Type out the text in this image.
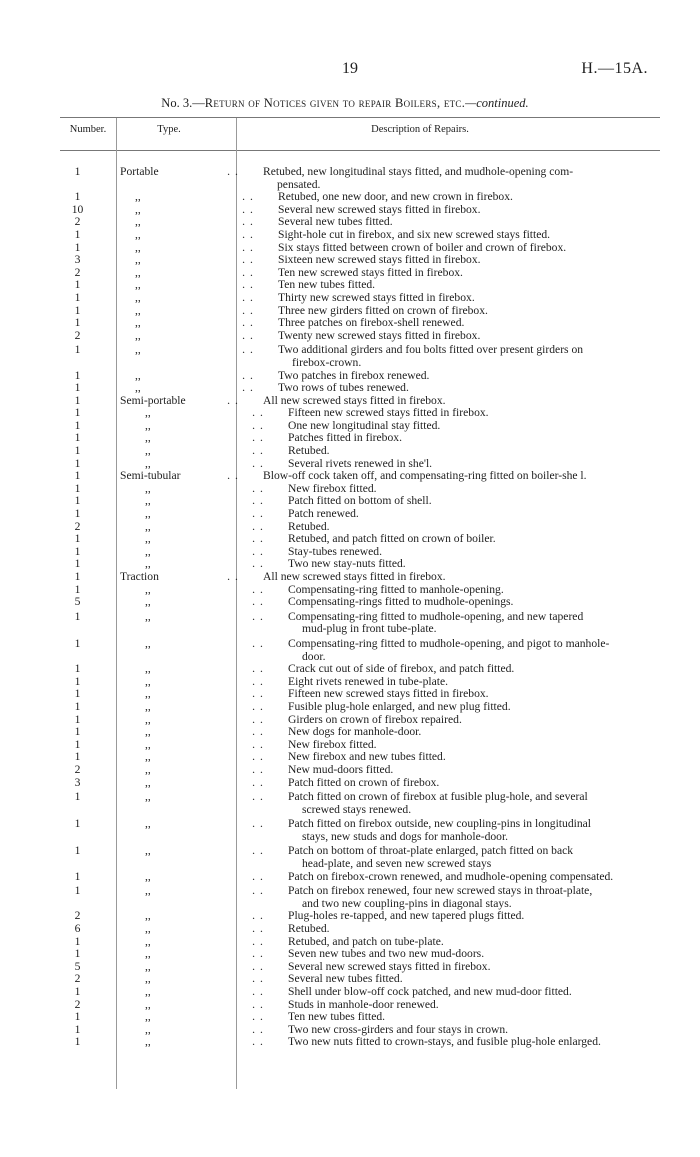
19	H.—15A.
No. 3.—Return of Notices given to repair Boilers, etc.—continued.
Number.	Type.	Description of Repairs.
1	Portable	. .	Retubed, new longitudinal stays fitted, and mudhole-opening com-
pensated.
1	,,	. .	Retubed, one new door, and new crown in firebox.
10	,,	. .	Several new screwed stays fitted in firebox.
2	,,	. .	Several new tubes fitted.
1	,,	. .	Sight-hole cut in firebox, and six new screwed stays fitted.
1	,,	. .	Six stays fitted between crown of boiler and crown of firebox.
3	,,	. .	Sixteen new screwed stays fitted in firebox.
2	,,	. .	Ten new screwed stays fitted in firebox.
1	,,	. .	Ten new tubes fitted.
1	,,	. .	Thirty new screwed stays fitted in firebox.
1	,,	. .	Three new girders fitted on crown of firebox.
1	,,	. .	Three patches on firebox-shell renewed.
2	,,	. .	Twenty new screwed stays fitted in firebox.
1	,,	. .	Two additional girders and fou bolts fitted over present girders on
firebox-crown.
1	,,	. .	Two patches in firebox renewed.
1	,,	. .	Two rows of tubes renewed.
1	Semi-portable	. .	All new screwed stays fitted in firebox.
1	,,	. .	Fifteen new screwed stays fitted in firebox.
1	,,	. .	One new longitudinal stay fitted.
1	,,	. .	Patches fitted in firebox.
1	,,	. .	Retubed.
1	,,	. .	Several rivets renewed in she'l.
1	Semi-tubular	. .	Blow-off cock taken off, and compensating-ring fitted on boiler-she l.
1	,,	. .	New firebox fitted.
1	,,	. .	Patch fitted on bottom of shell.
1	,,	. .	Patch renewed.
2	,,	. .	Retubed.
1	,,	. .	Retubed, and patch fitted on crown of boiler.
1	,,	. .	Stay-tubes renewed.
1	,,	. .	Two new stay-nuts fitted.
1	Traction	. .	All new screwed stays fitted in firebox.
1	,,	. .	Compensating-ring fitted to manhole-opening.
5	,,	. .	Compensating-rings fitted to mudhole-openings.
1	,,	. .	Compensating-ring fitted to mudhole-opening, and new tapered
mud-plug in front tube-plate.
1	,,	. .	Compensating-ring fitted to mudhole-opening, and pigot to manhole-
door.
1	,,	. .	Crack cut out of side of firebox, and patch fitted.
1	,,	. .	Eight rivets renewed in tube-plate.
1	,,	. .	Fifteen new screwed stays fitted in firebox.
1	,,	. .	Fusible plug-hole enlarged, and new plug fitted.
1	,,	. .	Girders on crown of firebox repaired.
1	,,	. .	New dogs for manhole-door.
1	,,	. .	New firebox fitted.
1	,,	. .	New firebox and new tubes fitted.
2	,,	. .	New mud-doors fitted.
3	,,	. .	Patch fitted on crown of firebox.
1	,,	. .	Patch fitted on crown of firebox at fusible plug-hole, and several
screwed stays renewed.
1	,,	. .	Patch fitted on firebox outside, new coupling-pins in longitudinal
stays, new studs and dogs for manhole-door.
1	,,	. .	Patch on bottom of throat-plate enlarged, patch fitted on back
head-plate, and seven new screwed stays
1	,,	. .	Patch on firebox-crown renewed, and mudhole-opening compensated.
1	,,	. .	Patch on firebox renewed, four new screwed stays in throat-plate,
and two new coupling-pins in diagonal stays.
2	,,	. .	Plug-holes re-tapped, and new tapered plugs fitted.
6	,,	. .	Retubed.
1	,,	. .	Retubed, and patch on tube-plate.
1	,,	. .	Seven new tubes and two new mud-doors.
5	,,	. .	Several new screwed stays fitted in firebox.
2	,,	. .	Several new tubes fitted.
1	,,	. .	Shell under blow-off cock patched, and new mud-door fitted.
2	,,	. .	Studs in manhole-door renewed.
1	,,	. .	Ten new tubes fitted.
1	,,	. .	Two new cross-girders and four stays in crown.
1	,,	. .	Two new nuts fitted to crown-stays, and fusible plug-hole enlarged.
